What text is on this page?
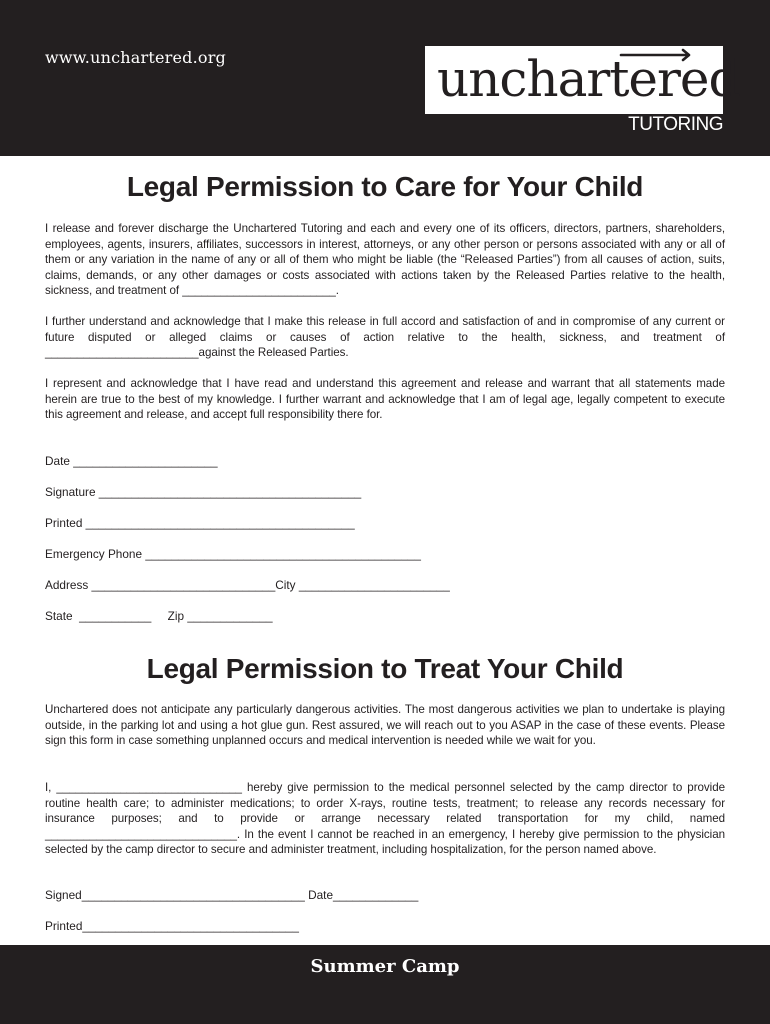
www.unchartered.org	unchartered
TUTORING
Legal Permission to Care for Your Child

I release and forever discharge the Unchartered Tutoring and each and every one of its officers, directors, partners, shareholders, employees, agents, insurers, affiliates, successors in interest, attorneys, or any other person or persons associated with any or all of them or any variation in the name of any or all of them who might be liable (the “Released Parties”) from all causes of action, suits, claims, demands, or any other damages or costs associated with actions taken by the Released Parties relative to the health, sickness, and treatment of ________________________.

I further understand and acknowledge that I make this release in full accord and satisfaction of and in compromise of any current or future disputed or alleged claims or causes of action relative to the health, sickness, and treatment of ________________________against the Released Parties.

I represent and acknowledge that I have read and understand this agreement and release and warrant that all statements made herein are true to the best of my knowledge. I further warrant and acknowledge that I am of legal age, legally competent to execute this agreement and release, and accept full responsibility there for.

Date ______________________
Signature ________________________________________
Printed _________________________________________
Emergency Phone __________________________________________
Address ____________________________City _______________________
State  ___________     Zip _____________
Legal Permission to Treat Your Child

Unchartered does not anticipate any particularly dangerous activities. The most dangerous activities we plan to undertake is playing outside, in the parking lot and using a hot glue gun. Rest assured, we will reach out to you ASAP in the case of these events. Please sign this form in case something unplanned occurs and medical intervention is needed while we wait for you.

I, _____________________________ hereby give permission to the medical personnel selected by the camp director to provide routine health care; to administer medications; to order X-rays, routine tests, treatment; to release any records necessary for insurance purposes; and to provide or arrange necessary related transportation for my child, named ______________________________. In the event I cannot be reached in an emergency, I hereby give permission to the physician selected by the camp director to secure and administer treatment, including hospitalization, for the person named above.

Signed__________________________________ Date_____________
Printed_________________________________
Summer Camp
